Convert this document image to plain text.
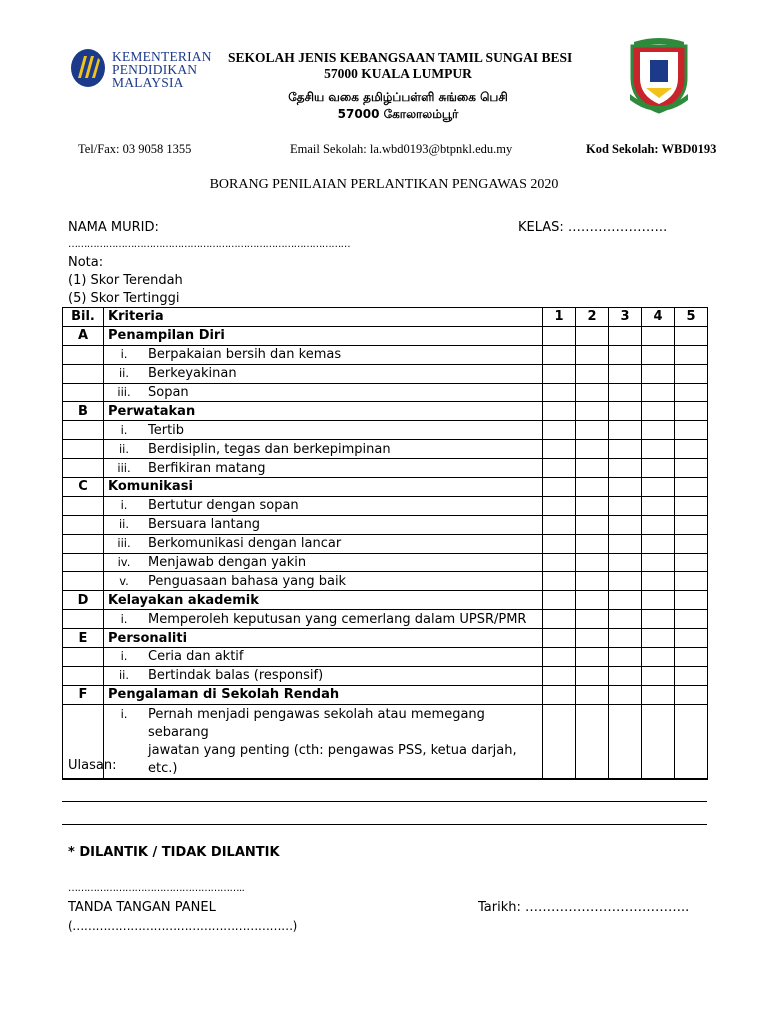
KEMENTERIAN
PENDIDIKAN
MALAYSIA
SEKOLAH JENIS KEBANGSAAN TAMIL SUNGAI BESI
57000 KUALA LUMPUR
தேசிய வகை தமிழ்ப்பள்ளி சுங்கை பெசி
57000 கோலாலம்பூர்
Tel/Fax: 03 9058 1355	Email Sekolah: la.wbd0193@btpnkl.edu.my	Kod Sekolah: WBD0193
BORANG PENILAIAN PERLANTIKAN PENGAWAS 2020
NAMA MURID:	KELAS: …………………..
………………………………………………………………………………
Nota:
(1) Skor Terendah
(5) Skor Tertinggi
Bil.	Kriteria		1	2	3	4	5
A	Penampilan Diri						
	i.	Berpakaian bersih dan kemas					
	ii.	Berkeyakinan					
	iii.	Sopan					
B	Perwatakan						
	i.	Tertib					
	ii.	Berdisiplin, tegas dan berkepimpinan					
	iii.	Berfikiran matang					
C	Komunikasi						
	i.	Bertutur dengan sopan					
	ii.	Bersuara lantang					
	iii.	Berkomunikasi dengan lancar					
	iv.	Menjawab dengan yakin					
	v.	Penguasaan bahasa yang baik					
D	Kelayakan akademik						
	i.	Memperoleh keputusan yang cemerlang dalam UPSR/PMR					
E	Personaliti						
	i.	Ceria dan aktif					
	ii.	Bertindak balas (responsif)					
F	Pengalaman di Sekolah Rendah						
	i.	Pernah menjadi pengawas sekolah atau memegang sebarang
jawatan yang penting (cth: pengawas PSS, ketua darjah, etc.)					

Ulasan:
* DILANTIK / TIDAK DILANTIK
………………………………………………..
TANDA TANGAN PANEL
(…………………………………………………)
Tarikh: ………………………………..
